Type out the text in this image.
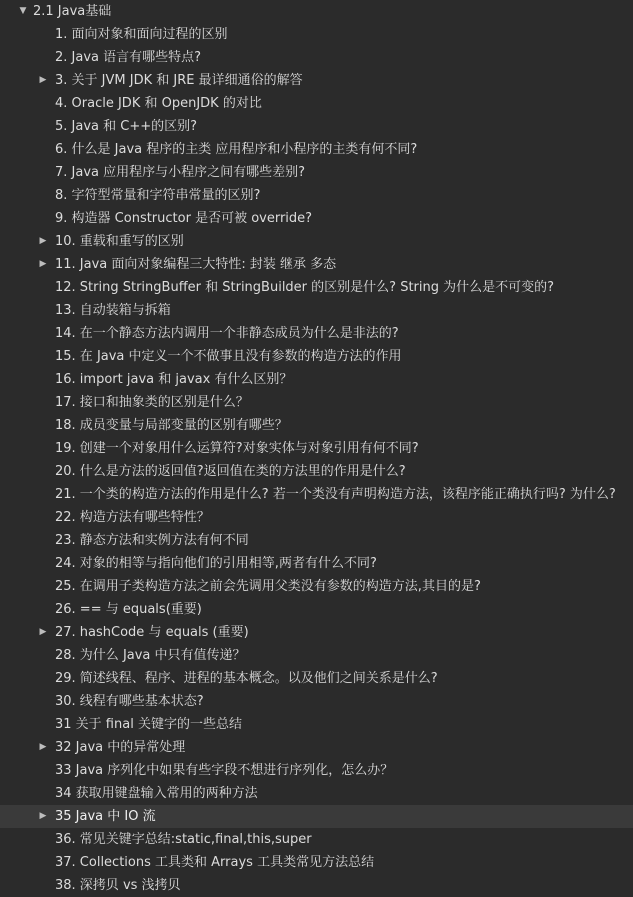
▼ 2.1 Java基础
1. 面向对象和面向过程的区别
2. Java 语言有哪些特点?
▶ 3. 关于 JVM JDK 和 JRE 最详细通俗的解答
4. Oracle JDK 和 OpenJDK 的对比
5. Java 和 C++的区别?
6. 什么是 Java 程序的主类 应用程序和小程序的主类有何不同?
7. Java 应用程序与小程序之间有哪些差别?
8. 字符型常量和字符串常量的区别?
9. 构造器 Constructor 是否可被 override?
▶ 10. 重载和重写的区别
▶ 11. Java 面向对象编程三大特性: 封装 继承 多态
12. String StringBuffer 和 StringBuilder 的区别是什么? String 为什么是不可变的?
13. 自动装箱与拆箱
14. 在一个静态方法内调用一个非静态成员为什么是非法的?
15. 在 Java 中定义一个不做事且没有参数的构造方法的作用
16. import java 和 javax 有什么区别？
17. 接口和抽象类的区别是什么？
18. 成员变量与局部变量的区别有哪些？
19. 创建一个对象用什么运算符?对象实体与对象引用有何不同?
20. 什么是方法的返回值?返回值在类的方法里的作用是什么?
21. 一个类的构造方法的作用是什么? 若一个类没有声明构造方法，该程序能正确执行吗? 为什么?
22. 构造方法有哪些特性？
23. 静态方法和实例方法有何不同
24. 对象的相等与指向他们的引用相等,两者有什么不同?
25. 在调用子类构造方法之前会先调用父类没有参数的构造方法,其目的是?
26. == 与 equals(重要)
▶ 27. hashCode 与 equals (重要)
28. 为什么 Java 中只有值传递？
29. 简述线程、程序、进程的基本概念。以及他们之间关系是什么?
30. 线程有哪些基本状态?
31 关于 final 关键字的一些总结
▶ 32 Java 中的异常处理
33 Java 序列化中如果有些字段不想进行序列化，怎么办？
34 获取用键盘输入常用的两种方法
▶ 35 Java 中 IO 流
36. 常见关键字总结:static,final,this,super
37. Collections 工具类和 Arrays 工具类常见方法总结
38. 深拷贝 vs 浅拷贝
